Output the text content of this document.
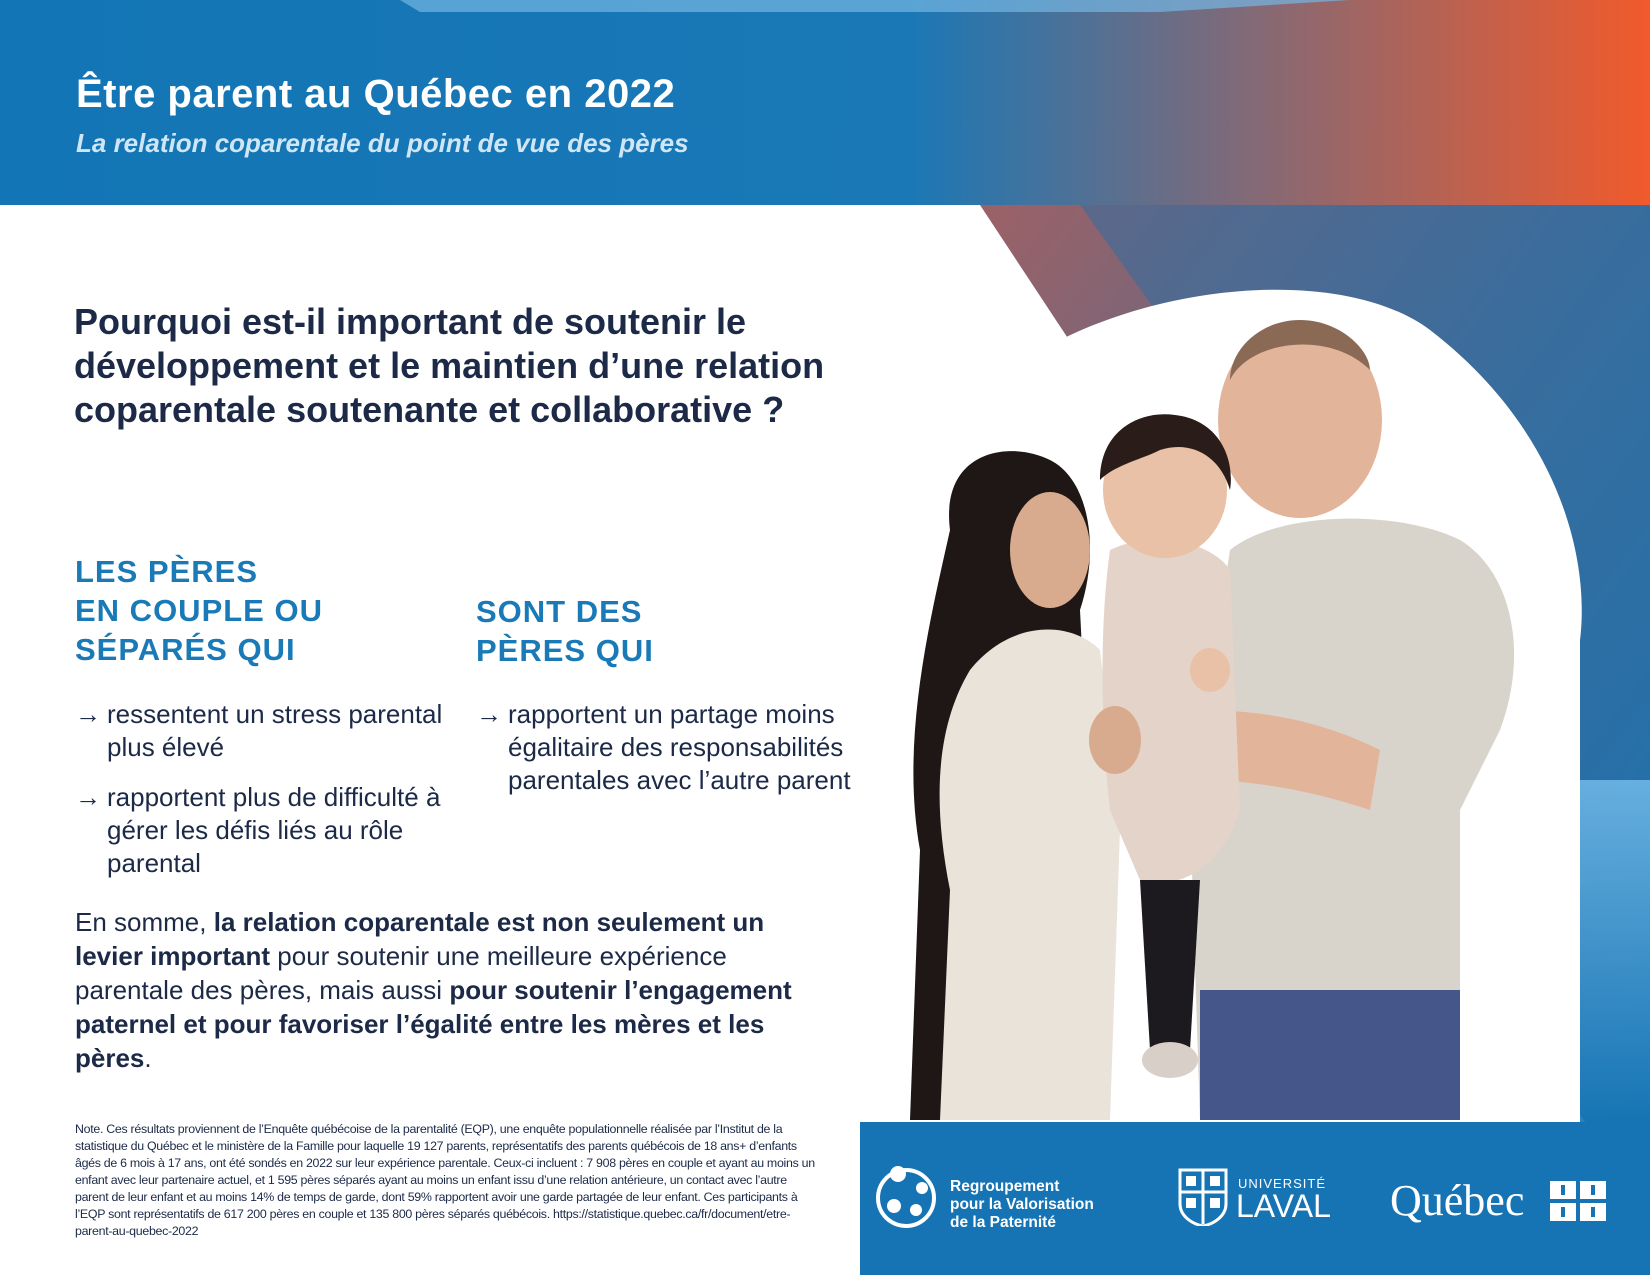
Être parent au Québec en 2022
La relation coparentale du point de vue des pères
Pourquoi est-il important de soutenir le développement et le maintien d’une relation coparentale soutenante et collaborative ?
LES PÈRES
EN COUPLE OU
SÉPARÉS QUI
→ ressentent un stress parental plus élevé
→ rapportent plus de difficulté à gérer les défis liés au rôle parental
SONT DES
PÈRES QUI
→ rapportent un partage moins égalitaire des responsabilités parentales avec l’autre parent

En somme, la relation coparentale est non seulement un levier important pour soutenir une meilleure expérience parentale des pères, mais aussi pour soutenir l’engagement paternel et pour favoriser l’égalité entre les mères et les pères.

Note. Ces résultats proviennent de l’Enquête québécoise de la parentalité (EQP), une enquête populationnelle réalisée par l’Institut de la statistique du Québec et le ministère de la Famille pour laquelle 19 127 parents, représentatifs des parents québécois de 18 ans+ d’enfants âgés de 6 mois à 17 ans, ont été sondés en 2022 sur leur expérience parentale. Ceux-ci incluent : 7 908 pères en couple et ayant au moins un enfant avec leur partenaire actuel, et 1 595 pères séparés ayant au moins un enfant issu d’une relation antérieure, un contact avec l’autre parent de leur enfant et au moins 14% de temps de garde, dont 59% rapportent avoir une garde partagée de leur enfant. Ces participants à l’EQP sont représentatifs de 617 200 pères en couple et 135 800 pères séparés québécois. https://statistique.quebec.ca/fr/document/etre-parent-au-quebec-2022

Regroupement
pour la Valorisation
de la Paternité
UNIVERSITÉ
LAVAL Québec
